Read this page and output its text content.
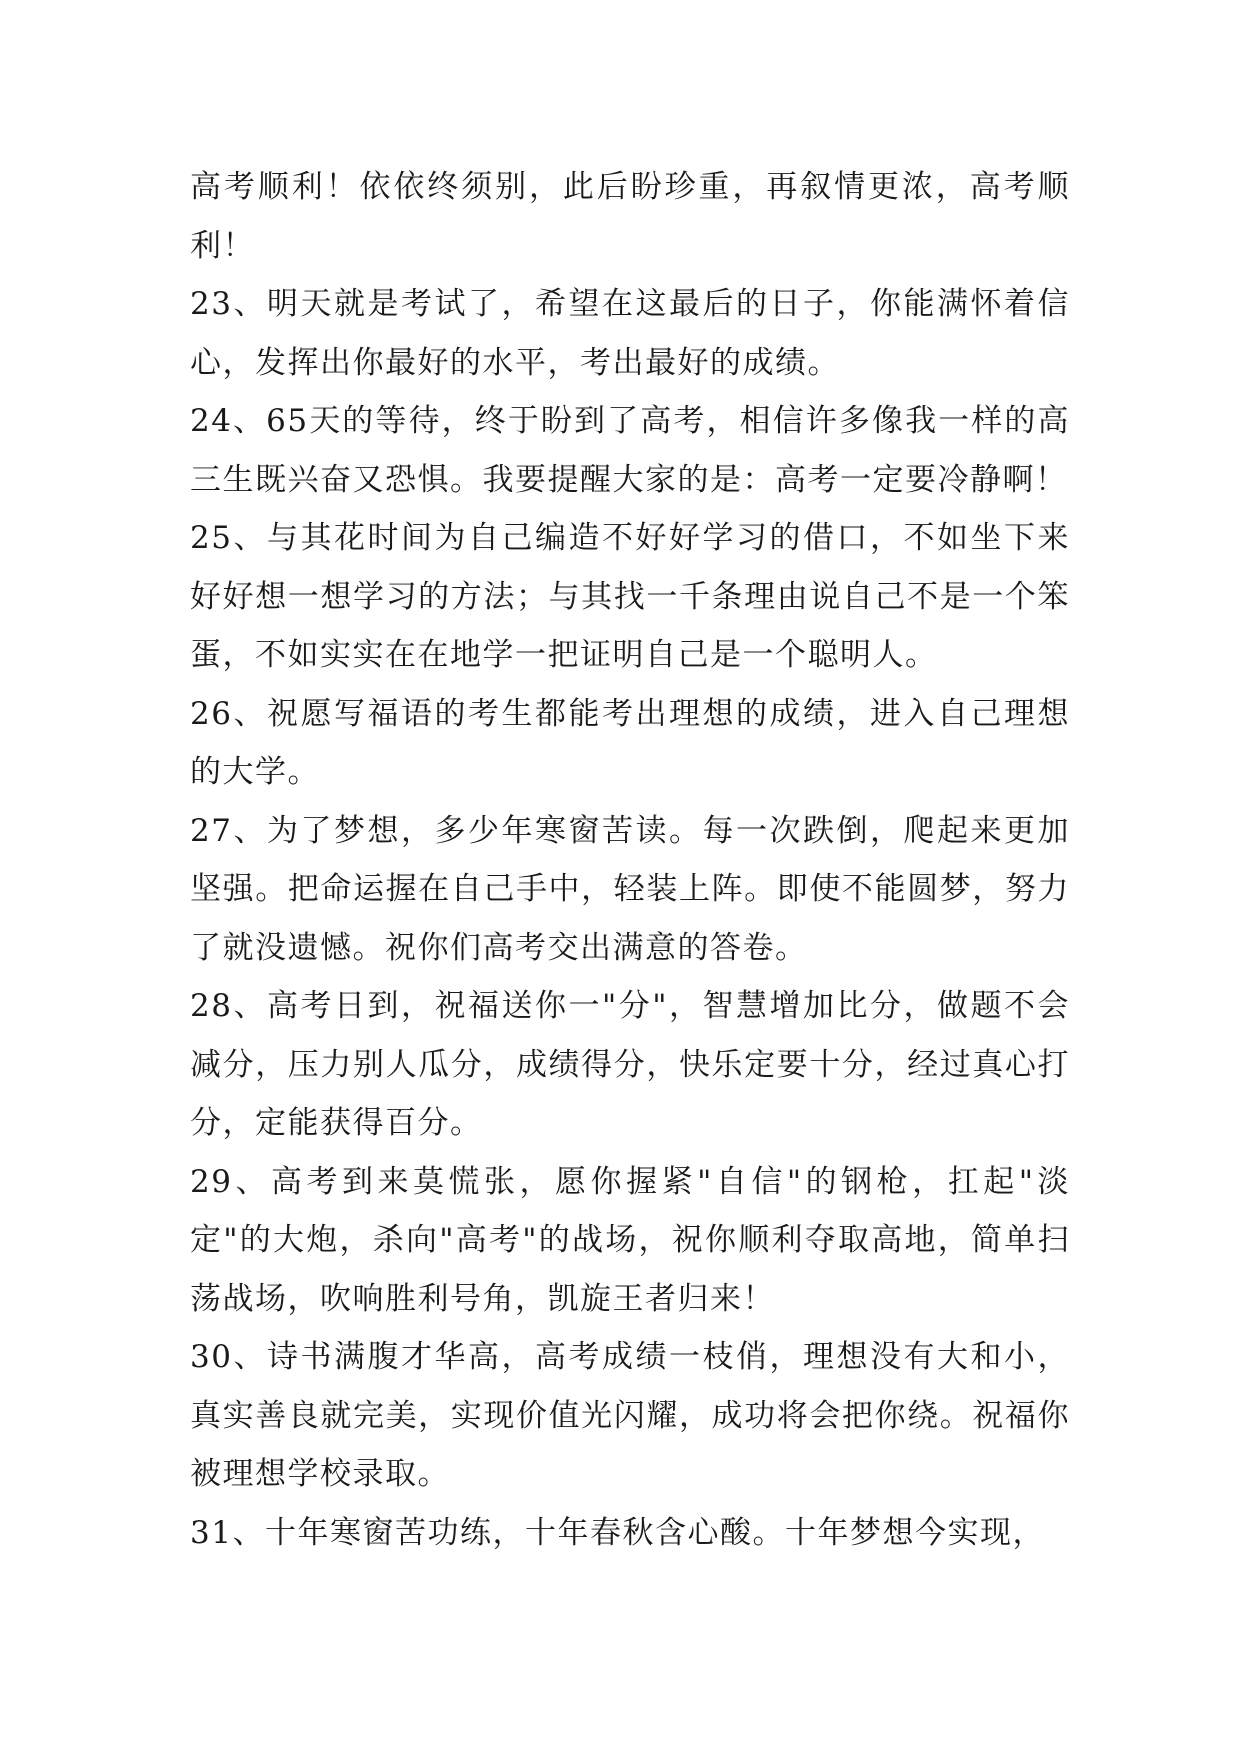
高考顺利！依依终须别，此后盼珍重，再叙情更浓，高考顺利！

23、明天就是考试了，希望在这最后的日子，你能满怀着信心，发挥出你最好的水平，考出最好的成绩。

24、65天的等待，终于盼到了高考，相信许多像我一样的高三生既兴奋又恐惧。我要提醒大家的是：高考一定要冷静啊！

25、与其花时间为自己编造不好好学习的借口，不如坐下来好好想一想学习的方法；与其找一千条理由说自己不是一个笨蛋，不如实实在在地学一把证明自己是一个聪明人。

26、祝愿写福语的考生都能考出理想的成绩，进入自己理想的大学。

27、为了梦想，多少年寒窗苦读。每一次跌倒，爬起来更加坚强。把命运握在自己手中，轻装上阵。即使不能圆梦，努力了就没遗憾。祝你们高考交出满意的答卷。

28、高考日到，祝福送你一"分"，智慧增加比分，做题不会减分，压力别人瓜分，成绩得分，快乐定要十分，经过真心打分，定能获得百分。

29、高考到来莫慌张，愿你握紧"自信"的钢枪，扛起"淡定"的大炮，杀向"高考"的战场，祝你顺利夺取高地，简单扫荡战场，吹响胜利号角，凯旋王者归来！

30、诗书满腹才华高，高考成绩一枝俏，理想没有大和小，真实善良就完美，实现价值光闪耀，成功将会把你绕。祝福你被理想学校录取。

31、十年寒窗苦功练，十年春秋含心酸。十年梦想今实现，
